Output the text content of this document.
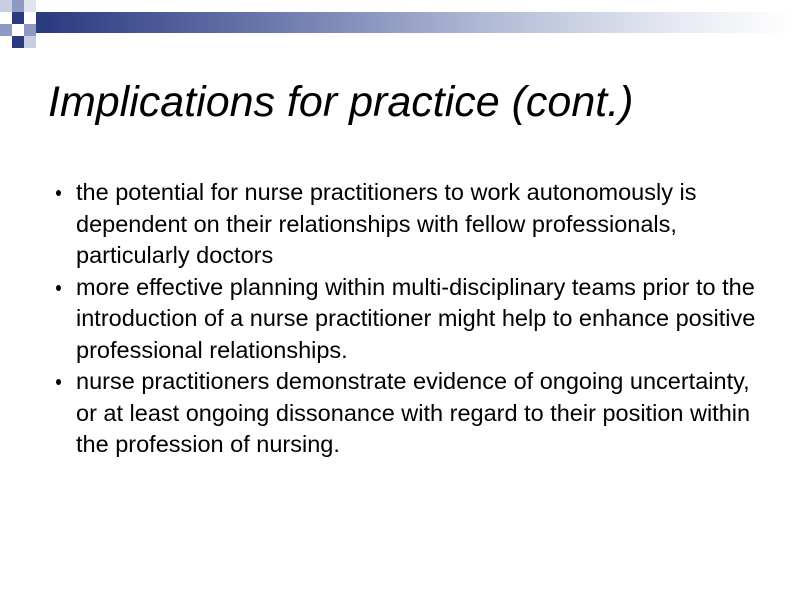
Implications for practice (cont.)
the potential for nurse practitioners to work autonomously is dependent on their relationships with fellow professionals, particularly doctors
more effective planning within multi-disciplinary teams prior to the introduction of a nurse practitioner might help to enhance positive professional relationships.
nurse practitioners demonstrate evidence of ongoing uncertainty, or at least ongoing dissonance with regard to their position within the profession of nursing.
